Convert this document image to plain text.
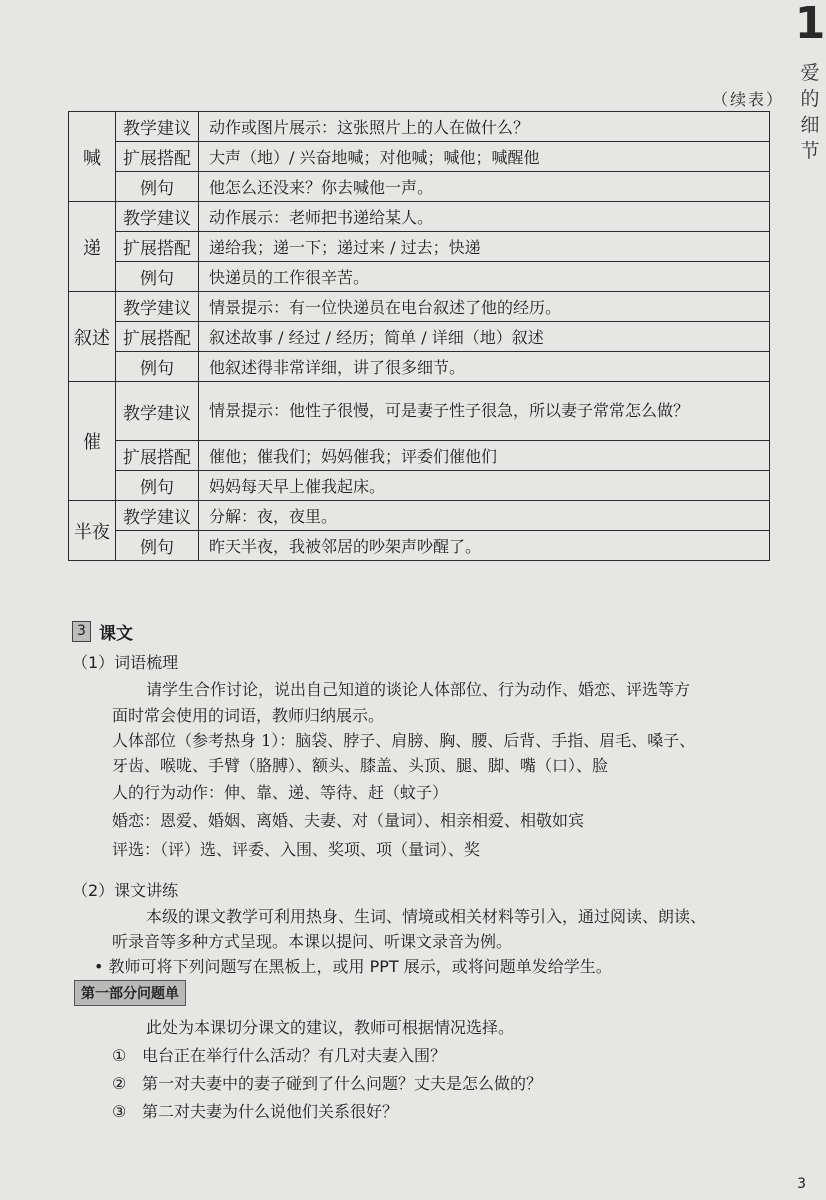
1
爱
的
细
节
（续表）
喊	教学建议	动作或图片展示：这张照片上的人在做什么？
	扩展搭配	大声（地）/ 兴奋地喊；对他喊；喊他；喊醒他
	例句	他怎么还没来？你去喊他一声。
递	教学建议	动作展示：老师把书递给某人。
	扩展搭配	递给我；递一下；递过来 / 过去；快递
	例句	快递员的工作很辛苦。
叙述	教学建议	情景提示：有一位快递员在电台叙述了他的经历。
	扩展搭配	叙述故事 / 经过 / 经历；简单 / 详细（地）叙述
	例句	他叙述得非常详细，讲了很多细节。
催	教学建议	情景提示：他性子很慢，可是妻子性子很急，所以妻子常常怎么做？
	扩展搭配	催他；催我们；妈妈催我；评委们催他们
	例句	妈妈每天早上催我起床。
半夜	教学建议	分解：夜，夜里。
	例句	昨天半夜，我被邻居的吵架声吵醒了。
3 课文
（1）词语梳理
请学生合作讨论，说出自己知道的谈论人体部位、行为动作、婚恋、评选等方
面时常会使用的词语，教师归纳展示。
人体部位（参考热身 1）：脑袋、脖子、肩膀、胸、腰、后背、手指、眉毛、嗓子、
牙齿、喉咙、手臂（胳膊）、额头、膝盖、头顶、腿、脚、嘴（口）、脸
人的行为动作：伸、靠、递、等待、赶（蚊子）
婚恋：恩爱、婚姻、离婚、夫妻、对（量词）、相亲相爱、相敬如宾
评选：（评）选、评委、入围、奖项、项（量词）、奖
（2）课文讲练
本级的课文教学可利用热身、生词、情境或相关材料等引入，通过阅读、朗读、
听录音等多种方式呈现。本课以提问、听课文录音为例。
• 教师可将下列问题写在黑板上，或用 PPT 展示，或将问题单发给学生。
第一部分问题单
此处为本课切分课文的建议，教师可根据情况选择。
① 电台正在举行什么活动？有几对夫妻入围？
② 第一对夫妻中的妻子碰到了什么问题？丈夫是怎么做的？
③ 第二对夫妻为什么说他们关系很好？
3
